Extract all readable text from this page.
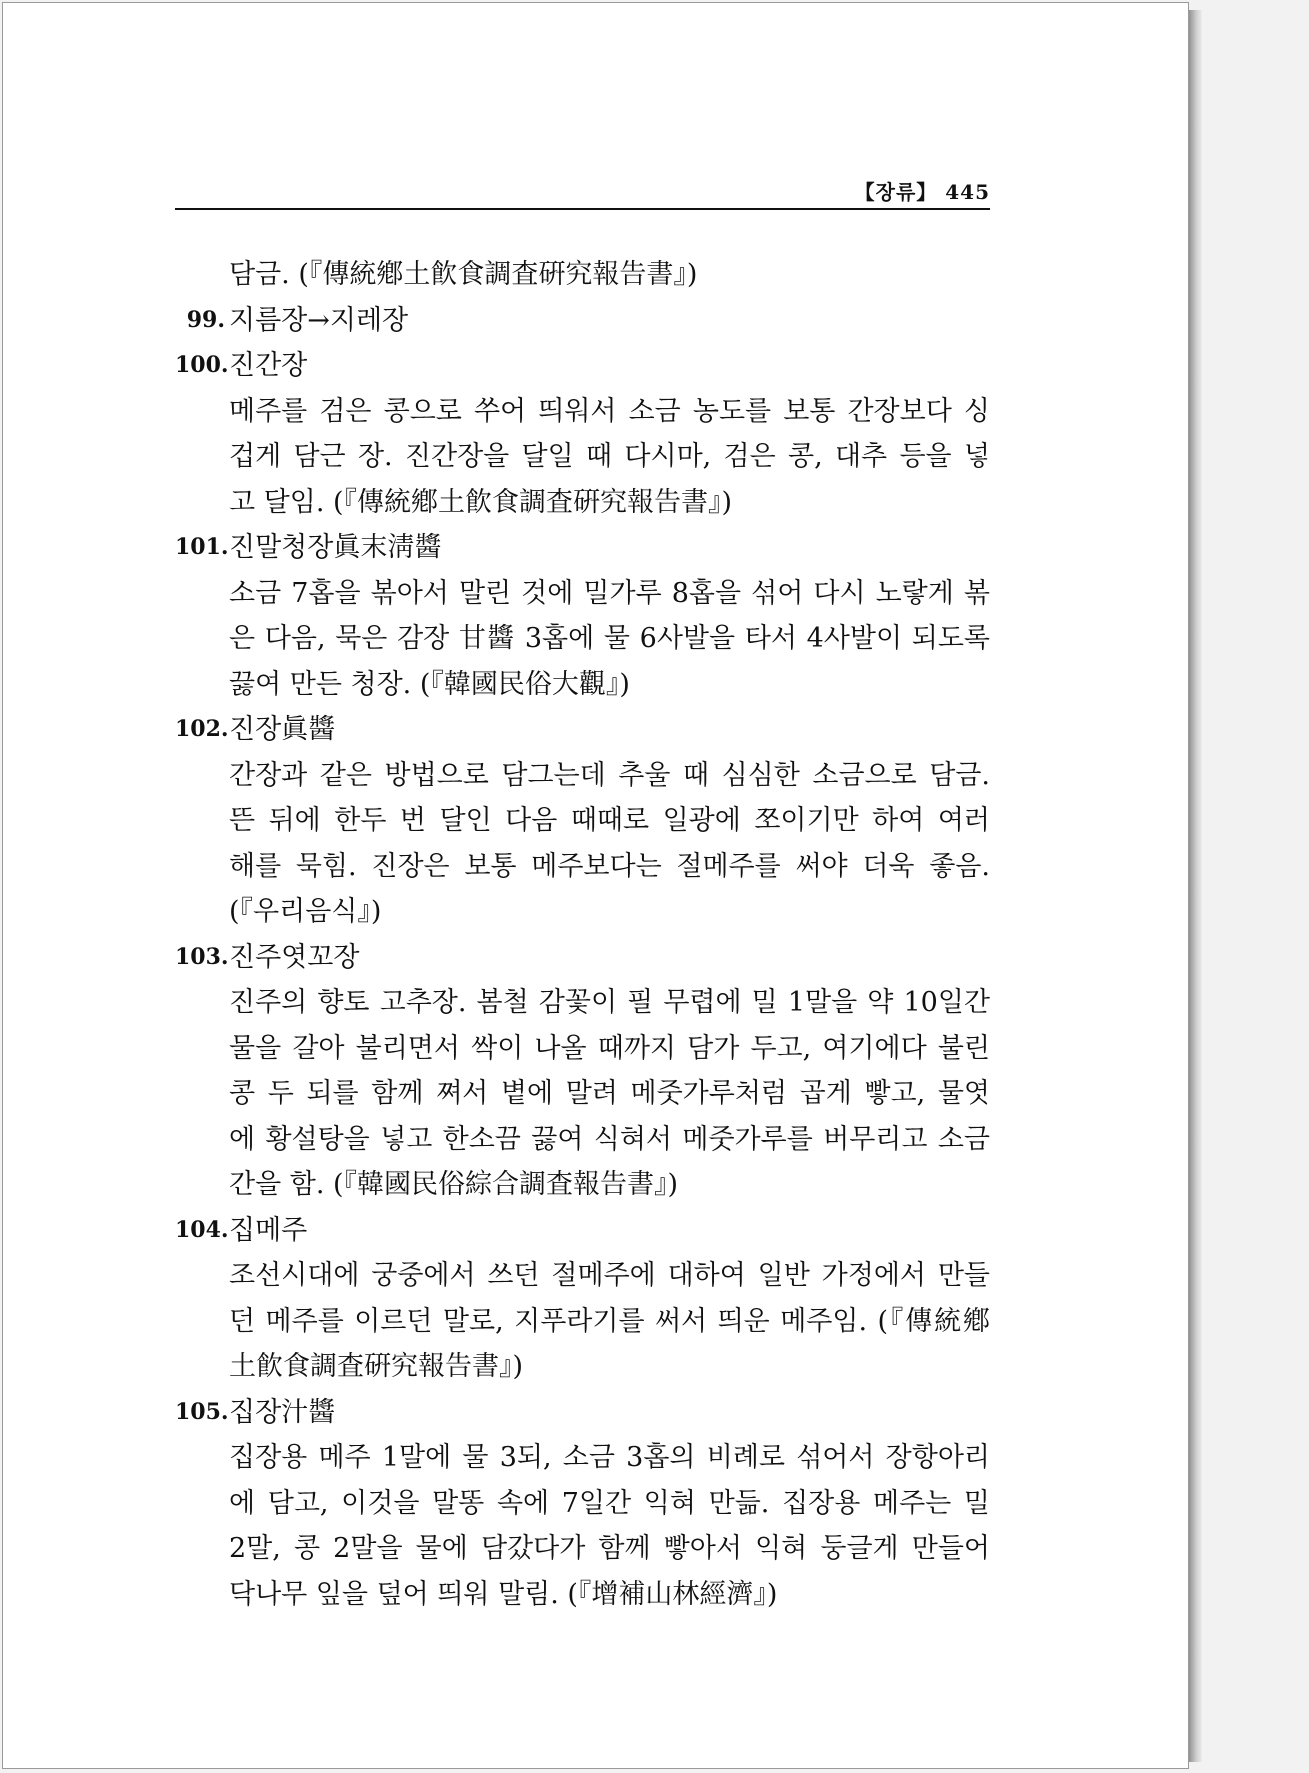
【장류】 445
담금. (『傳統鄕土飮食調査硏究報告書』)
99. 지름장→지레장
100. 진간장
메주를 검은 콩으로 쑤어 띄워서 소금 농도를 보통 간장보다 싱
겁게 담근 장. 진간장을 달일 때 다시마, 검은 콩, 대추 등을 넣
고 달임. (『傳統鄕土飮食調査硏究報告書』)
101. 진말청장眞末淸醬
소금 7홉을 볶아서 말린 것에 밀가루 8홉을 섞어 다시 노랗게 볶
은 다음, 묵은 감장 甘醬 3홉에 물 6사발을 타서 4사발이 되도록
끓여 만든 청장. (『韓國民俗大觀』)
102. 진장眞醬
간장과 같은 방법으로 담그는데 추울 때 심심한 소금으로 담금.
뜬 뒤에 한두 번 달인 다음 때때로 일광에 쪼이기만 하여 여러
해를 묵힘. 진장은 보통 메주보다는 절메주를 써야 더욱 좋음.
(『우리음식』)
103. 진주엿꼬장
진주의 향토 고추장. 봄철 감꽃이 필 무렵에 밀 1말을 약 10일간
물을 갈아 불리면서 싹이 나올 때까지 담가 두고, 여기에다 불린
콩 두 되를 함께 쪄서 볕에 말려 메줏가루처럼 곱게 빻고, 물엿
에 황설탕을 넣고 한소끔 끓여 식혀서 메줏가루를 버무리고 소금
간을 함. (『韓國民俗綜合調査報告書』)
104. 집메주
조선시대에 궁중에서 쓰던 절메주에 대하여 일반 가정에서 만들
던 메주를 이르던 말로, 지푸라기를 써서 띄운 메주임. (『傳統鄕
土飮食調査硏究報告書』)
105. 집장汁醬
집장용 메주 1말에 물 3되, 소금 3홉의 비례로 섞어서 장항아리
에 담고, 이것을 말똥 속에 7일간 익혀 만듦. 집장용 메주는 밀
2말, 콩 2말을 물에 담갔다가 함께 빻아서 익혀 둥글게 만들어
닥나무 잎을 덮어 띄워 말림. (『增補山林經濟』)
